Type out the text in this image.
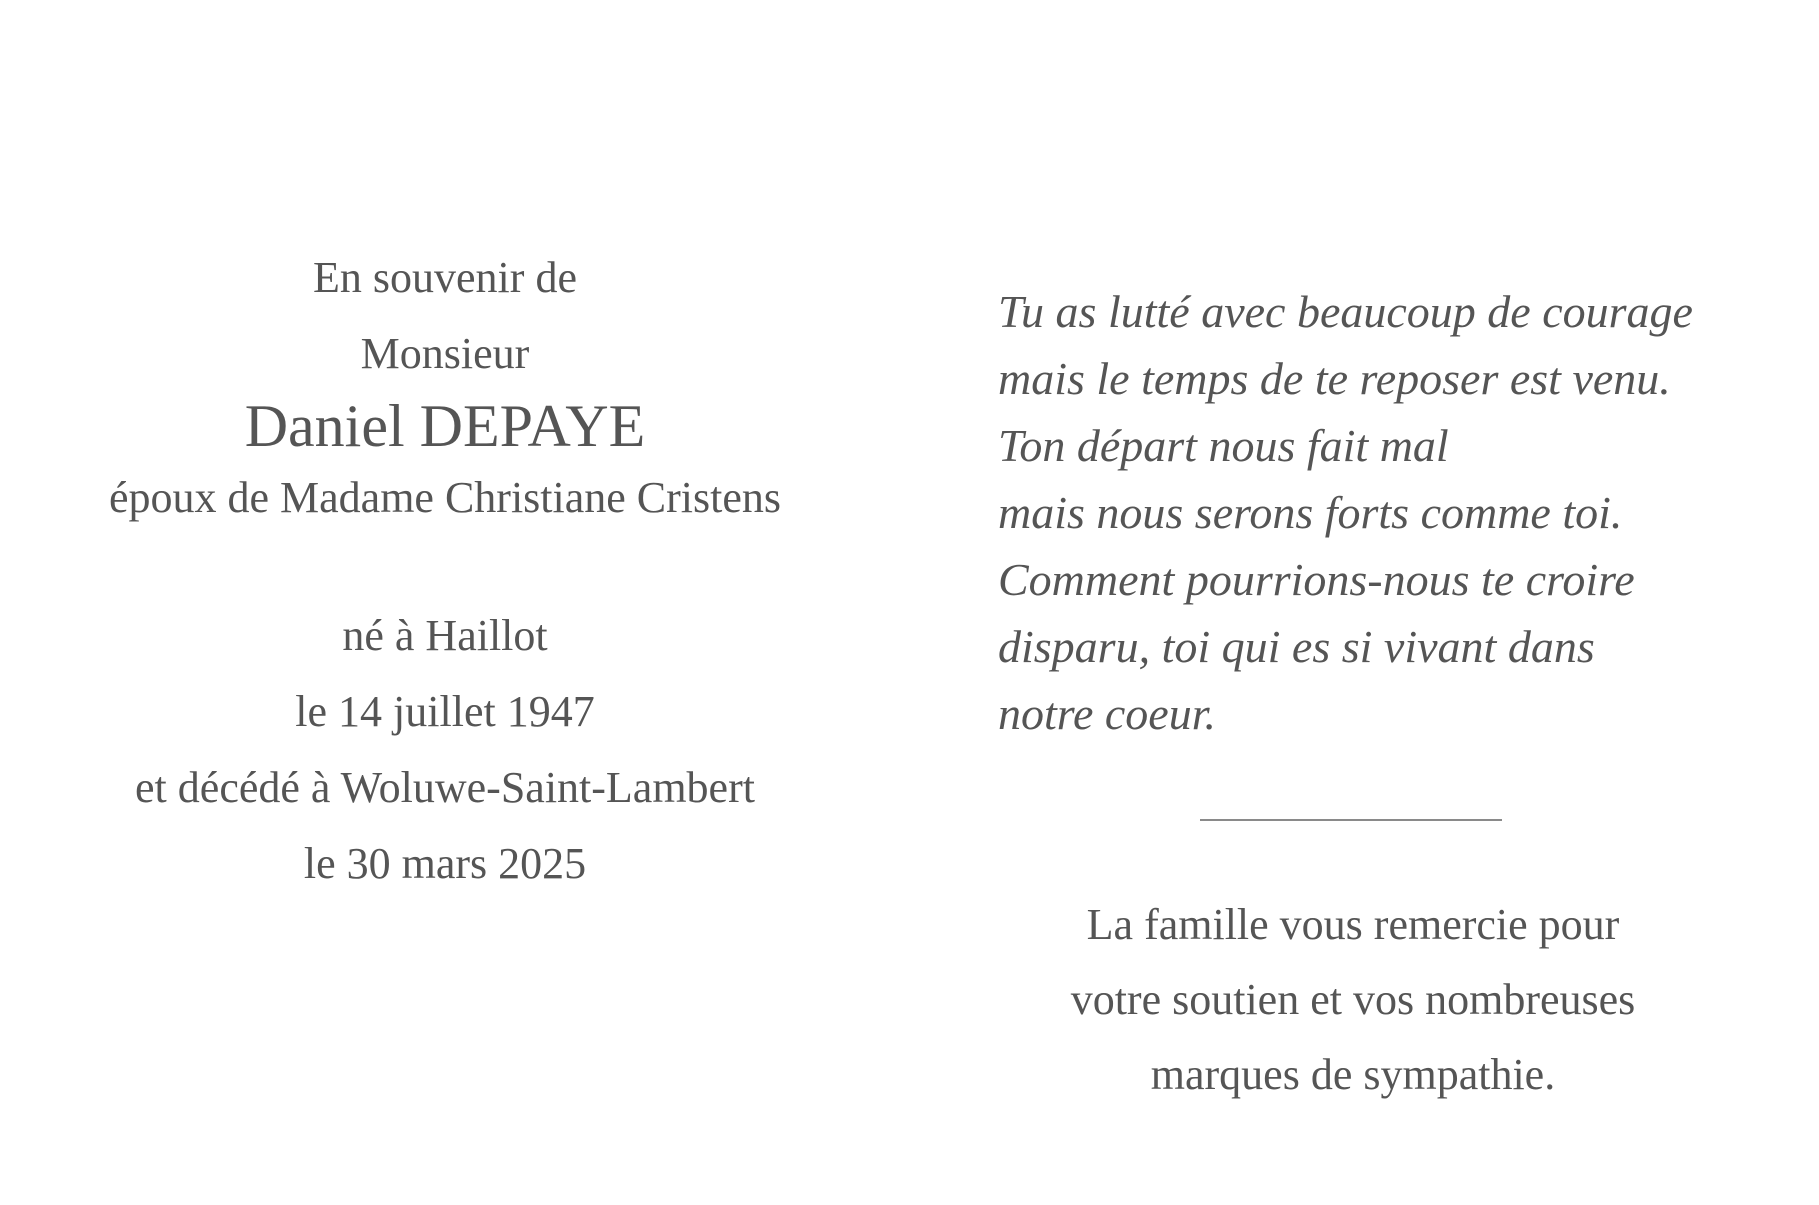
En souvenir de
Monsieur
Daniel DEPAYE
époux de Madame Christiane Cristens
né à Haillot
le 14 juillet 1947
et décédé à Woluwe-Saint-Lambert
le 30 mars 2025
Tu as lutté avec beaucoup de courage
mais le temps de te reposer est venu.
Ton départ nous fait mal
mais nous serons forts comme toi.
Comment pourrions-nous te croire
disparu, toi qui es si vivant dans
notre coeur.
La famille vous remercie pour
votre soutien et vos nombreuses
marques de sympathie.
